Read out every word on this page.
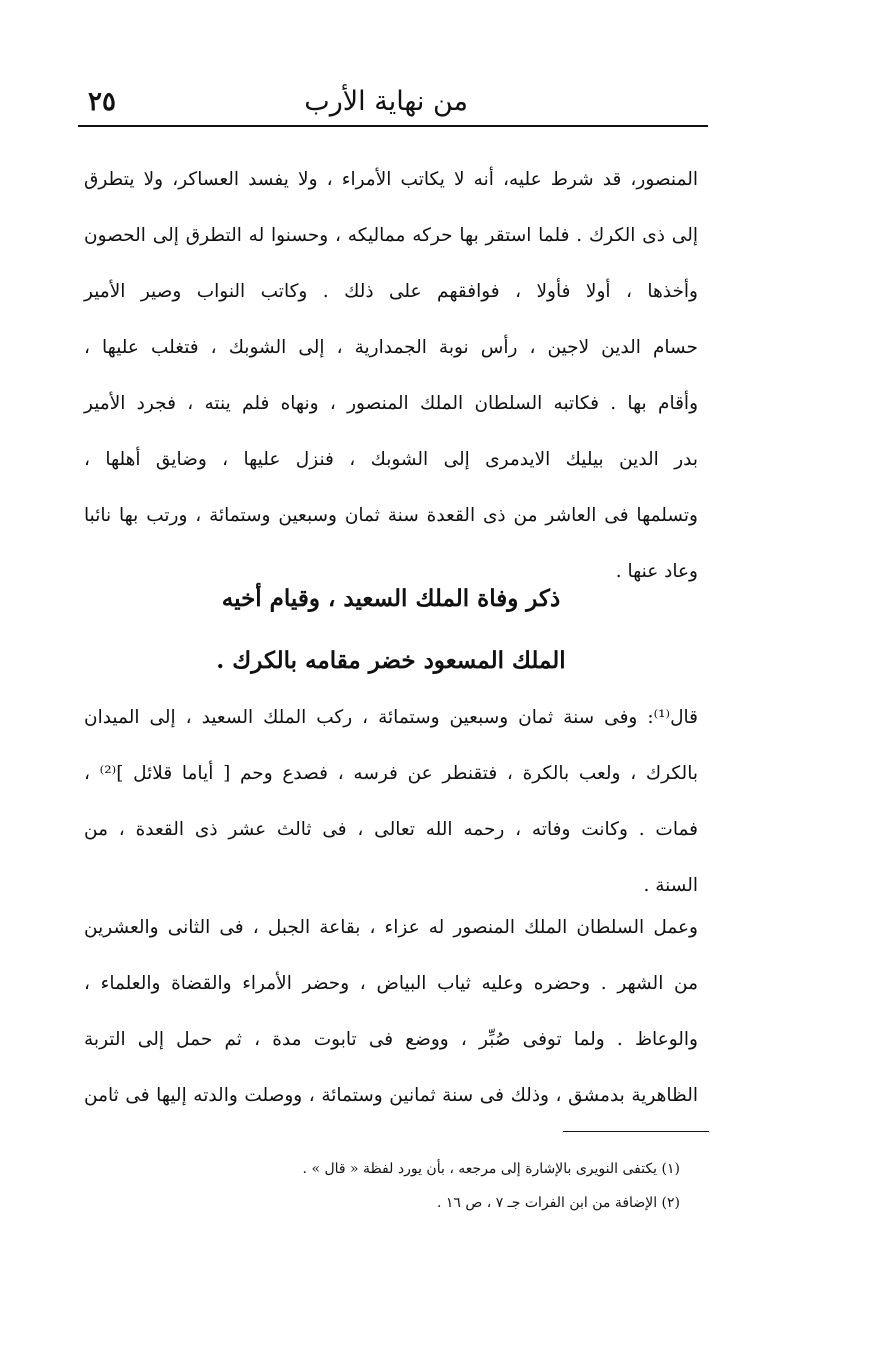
من نهاية الأرب
٢٥
المنصور، قد شرط عليه، أنه لا يكاتب الأمراء ، ولا يفسد العساكر، ولا يتطرق
إلى ذى الكرك . فلما استقر بها حركه مماليكه ، وحسنوا له التطرق إلى الحصون
وأخذها ، أولا فأولا ، فوافقهم على ذلك . وكاتب النواب وصير الأمير
حسام الدين لاجين ، رأس نوبة الجمدارية ، إلى الشوبك ، فتغلب عليها ،
وأقام بها . فكاتبه السلطان الملك المنصور ، ونهاه فلم ينته ، فجرد الأمير
بدر الدين بيليك الايدمرى إلى الشوبك ، فنزل عليها ، وضايق أهلها ،
وتسلمها فى العاشر من ذى القعدة سنة ثمان وسبعين وستمائة ، ورتب بها نائبا
وعاد عنها .
ذكر وفاة الملك السعيد ، وقيام أخيه
الملك المسعود خضر مقامه بالكرك .
قال⁽¹⁾: وفى سنة ثمان وسبعين وستمائة ، ركب الملك السعيد ، إلى الميدان
بالكرك ، ولعب بالكرة ، فتقنطر عن فرسه ، فصدع وحم [ أياما قلائل ]⁽²⁾ ،
فمات . وكانت وفاته ، رحمه الله تعالى ، فى ثالث عشر ذى القعدة ، من
السنة .
وعمل السلطان الملك المنصور له عزاء ، بقاعة الجبل ، فى الثانى والعشرين
من الشهر . وحضره وعليه ثياب البياض ، وحضر الأمراء والقضاة والعلماء ،
والوعاظ . ولما توفى صُبِّر ، ووضع فى تابوت مدة ، ثم حمل إلى التربة
الظاهرية بدمشق ، وذلك فى سنة ثمانين وستمائة ، ووصلت والدته إليها فى ثامن
(١) يكتفى النويرى بالإشارة إلى مرجعه ، بأن يورد لفظة « قال » .
(٢) الإضافة من ابن الفرات جـ ٧ ، ص ١٦ .
